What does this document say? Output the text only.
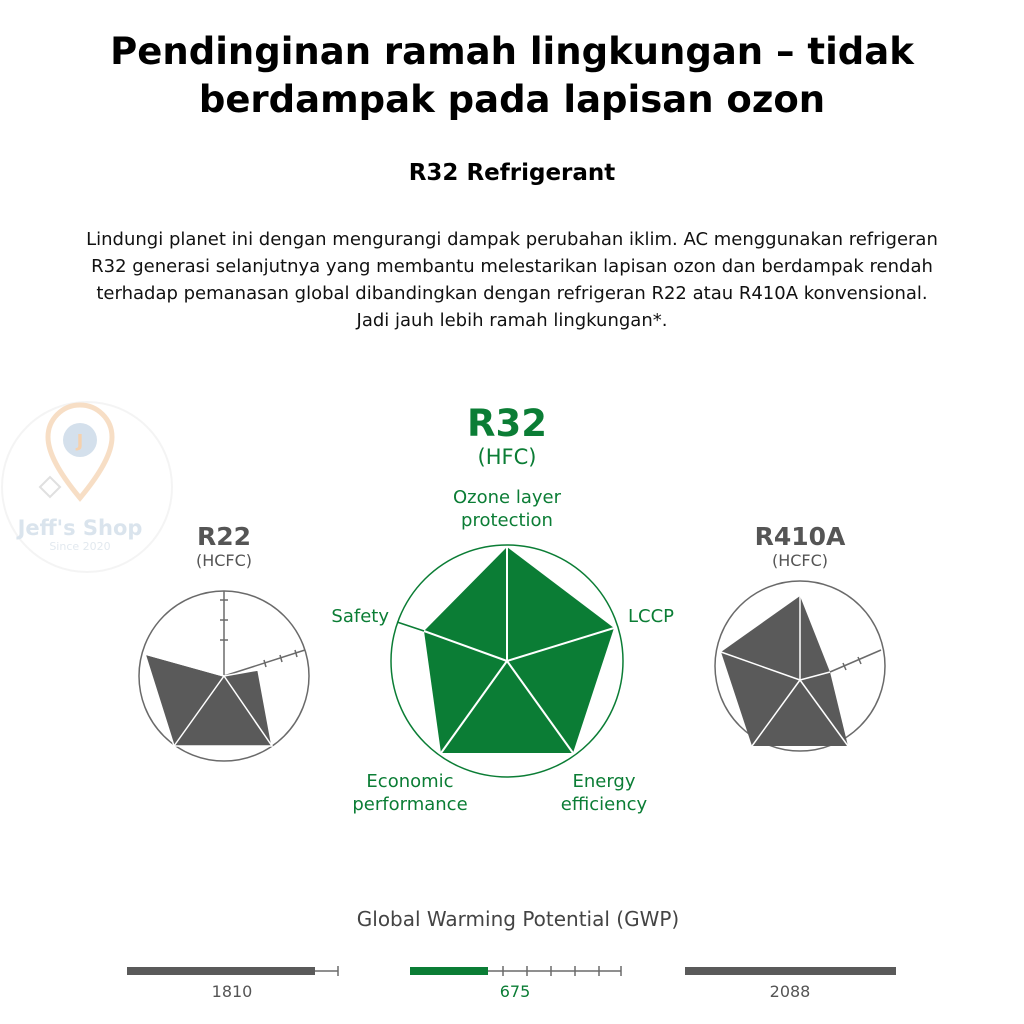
Pendinginan ramah lingkungan – tidak berdampak pada lapisan ozon
R32 Refrigerant
Lindungi planet ini dengan mengurangi dampak perubahan iklim. AC menggunakan refrigeran R32 generasi selanjutnya yang membantu melestarikan lapisan ozon dan berdampak rendah terhadap pemanasan global dibandingkan dengan refrigeran R22 atau R410A konvensional. Jadi jauh lebih ramah lingkungan*.
J
Jeff's Shop
Since 2020	R22
(HCFC)
R32
(HFC)
Ozone layer
protection
LCCP
Energy
efficiency
Economic
performance
Safety
R410A
(HCFC)
Global Warming Potential (GWP)
1810	675	2088
